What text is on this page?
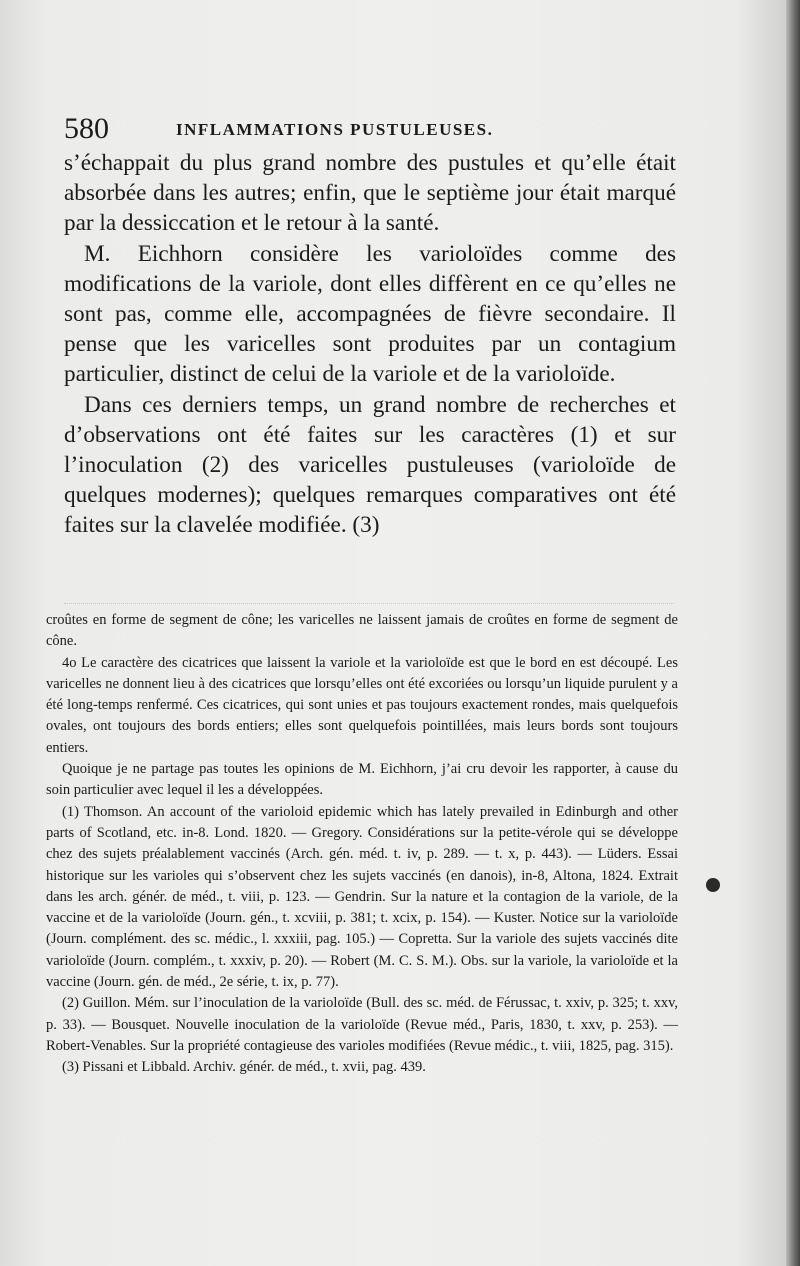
580	INFLAMMATIONS PUSTULEUSES.

s’échappait du plus grand nombre des pustules et qu’elle était absorbée dans les autres; enfin, que le septième jour était marqué par la dessiccation et le retour à la santé.

M. Eichhorn considère les varioloïdes comme des modifications de la variole, dont elles diffèrent en ce qu’elles ne sont pas, comme elle, accompagnées de fièvre secondaire. Il pense que les varicelles sont produites par un contagium particulier, distinct de celui de la variole et de la varioloïde.

Dans ces derniers temps, un grand nombre de recherches et d’observations ont été faites sur les caractères (1) et sur l’inoculation (2) des varicelles pustuleuses (varioloïde de quelques modernes); quelques remarques comparatives ont été faites sur la clavelée modifiée. (3)

croûtes en forme de segment de cône; les varicelles ne laissent jamais de croûtes en forme de segment de cône.

4o Le caractère des cicatrices que laissent la variole et la varioloïde est que le bord en est découpé. Les varicelles ne donnent lieu à des cicatrices que lorsqu’elles ont été excoriées ou lorsqu’un liquide purulent y a été long-temps renfermé. Ces cicatrices, qui sont unies et pas toujours exactement rondes, mais quelquefois ovales, ont toujours des bords entiers; elles sont quelquefois pointillées, mais leurs bords sont toujours entiers.

Quoique je ne partage pas toutes les opinions de M. Eichhorn, j’ai cru devoir les rapporter, à cause du soin particulier avec lequel il les a développées.

(1) Thomson. An account of the varioloid epidemic which has lately prevailed in Edinburgh and other parts of Scotland, etc. in-8. Lond. 1820. — Gregory. Considérations sur la petite-vérole qui se développe chez des sujets préalablement vaccinés (Arch. gén. méd. t. iv, p. 289. — t. x, p. 443). — Lüders. Essai historique sur les varioles qui s’observent chez les sujets vaccinés (en danois), in-8, Altona, 1824. Extrait dans les arch. génér. de méd., t. viii, p. 123. — Gendrin. Sur la nature et la contagion de la variole, de la vaccine et de la varioloïde (Journ. gén., t. xcviii, p. 381; t. xcix, p. 154). — Kuster. Notice sur la varioloïde (Journ. complément. des sc. médic., l. xxxiii, pag. 105.) — Copretta. Sur la variole des sujets vaccinés dite varioloïde (Journ. complém., t. xxxiv, p. 20). — Robert (M. C. S. M.). Obs. sur la variole, la varioloïde et la vaccine (Journ. gén. de méd., 2e série, t. ix, p. 77).

(2) Guillon. Mém. sur l’inoculation de la varioloïde (Bull. des sc. méd. de Férussac, t. xxiv, p. 325; t. xxv, p. 33). — Bousquet. Nouvelle inoculation de la varioloïde (Revue méd., Paris, 1830, t. xxv, p. 253). — Robert-Venables. Sur la propriété contagieuse des varioles modifiées (Revue médic., t. viii, 1825, pag. 315).

(3) Pissani et Libbald. Archiv. génér. de méd., t. xvii, pag. 439.
